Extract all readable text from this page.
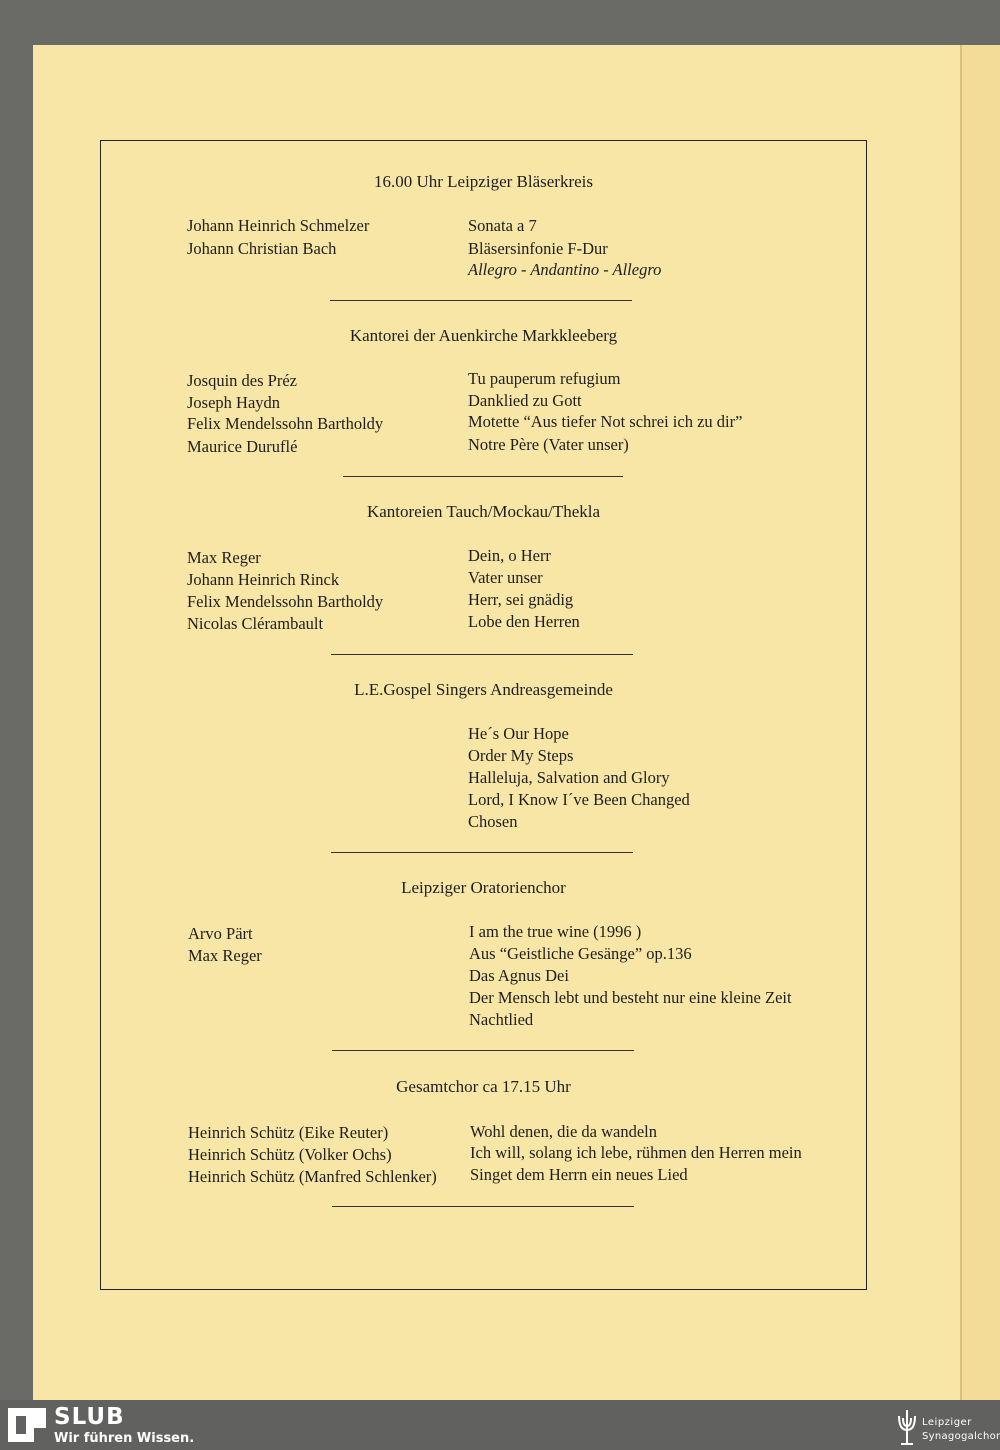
16.00 Uhr Leipziger Bläserkreis
Johann Heinrich Schmelzer	Sonata a 7
Johann Christian Bach	Bläsersinfonie F-Dur
Allegro - Andantino - Allegro
Kantorei der Auenkirche Markkleeberg
Josquin des Préz	Tu pauperum refugium
Joseph Haydn	Danklied zu Gott
Felix Mendelssohn Bartholdy	Motette “Aus tiefer Not schrei ich zu dir”
Maurice Duruflé	Notre Père (Vater unser)
Kantoreien Tauch/Mockau/Thekla
Max Reger	Dein, o Herr
Johann Heinrich Rinck	Vater unser
Felix Mendelssohn Bartholdy	Herr, sei gnädig
Nicolas Clérambault	Lobe den Herren
L.E.Gospel Singers Andreasgemeinde
He´s Our Hope
Order My Steps
Halleluja, Salvation and Glory
Lord, I Know I´ve Been Changed
Chosen
Leipziger Oratorienchor
Arvo Pärt	I am the true wine (1996 )
Max Reger	Aus “Geistliche Gesänge” op.136
Das Agnus Dei
Der Mensch lebt und besteht nur eine kleine Zeit
Nachtlied
Gesamtchor ca 17.15 Uhr
Heinrich Schütz (Eike Reuter)	Wohl denen, die da wandeln
Heinrich Schütz (Volker Ochs)	Ich will, solang ich lebe, rühmen den Herren mein
Heinrich Schütz (Manfred Schlenker) Singet dem Herrn ein neues Lied
SLUB
Wir führen Wissen.
Leipziger
Synagogalchor
